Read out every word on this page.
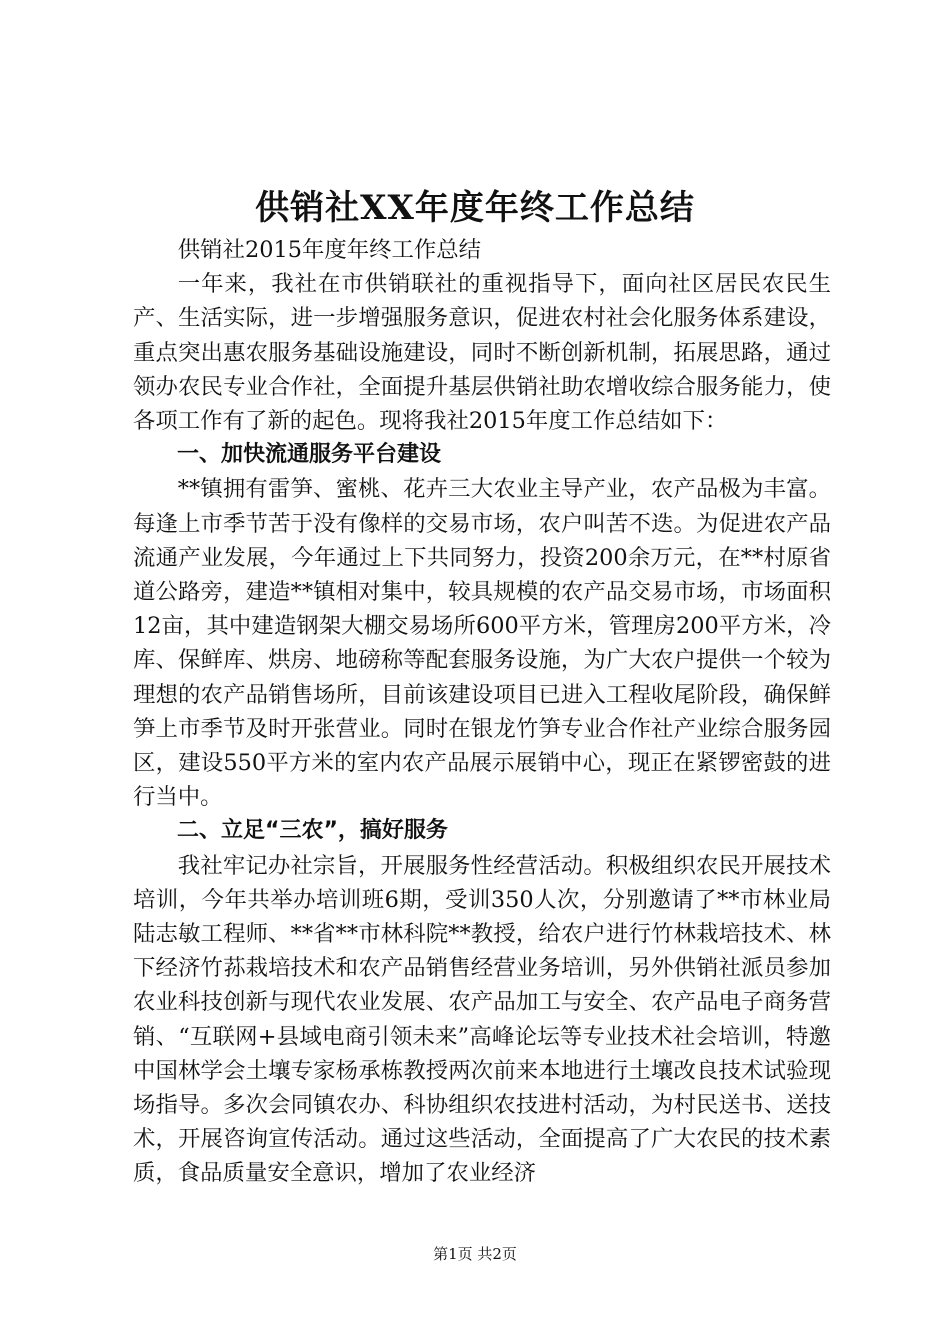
供销社XX年度年终工作总结

供销社2015年度年终工作总结

一年来，我社在市供销联社的重视指导下，面向社区居民农民生产、生活实际，进一步增强服务意识，促进农村社会化服务体系建设，重点突出惠农服务基础设施建设，同时不断创新机制，拓展思路，通过领办农民专业合作社，全面提升基层供销社助农增收综合服务能力，使各项工作有了新的起色。现将我社2015年度工作总结如下：

一、加快流通服务平台建设

**镇拥有雷笋、蜜桃、花卉三大农业主导产业，农产品极为丰富。每逢上市季节苦于没有像样的交易市场，农户叫苦不迭。为促进农产品流通产业发展，今年通过上下共同努力，投资200余万元，在**村原省道公路旁，建造**镇相对集中，较具规模的农产品交易市场，市场面积12亩，其中建造钢架大棚交易场所600平方米，管理房200平方米，冷库、保鲜库、烘房、地磅称等配套服务设施，为广大农户提供一个较为理想的农产品销售场所，目前该建设项目已进入工程收尾阶段，确保鲜笋上市季节及时开张营业。同时在银龙竹笋专业合作社产业综合服务园区，建设550平方米的室内农产品展示展销中心，现正在紧锣密鼓的进行当中。

二、立足“三农”，搞好服务

我社牢记办社宗旨，开展服务性经营活动。积极组织农民开展技术培训，今年共举办培训班6期，受训350人次，分别邀请了**市林业局陆志敏工程师、**省**市林科院**教授，给农户进行竹林栽培技术、林下经济竹荪栽培技术和农产品销售经营业务培训，另外供销社派员参加农业科技创新与现代农业发展、农产品加工与安全、农产品电子商务营销、“互联网+县域电商引领未来”高峰论坛等专业技术社会培训，特邀中国林学会土壤专家杨承栋教授两次前来本地进行土壤改良技术试验现场指导。多次会同镇农办、科协组织农技进村活动，为村民送书、送技术，开展咨询宣传活动。通过这些活动，全面提高了广大农民的技术素质，食品质量安全意识，增加了农业经济

第1页 共2页
